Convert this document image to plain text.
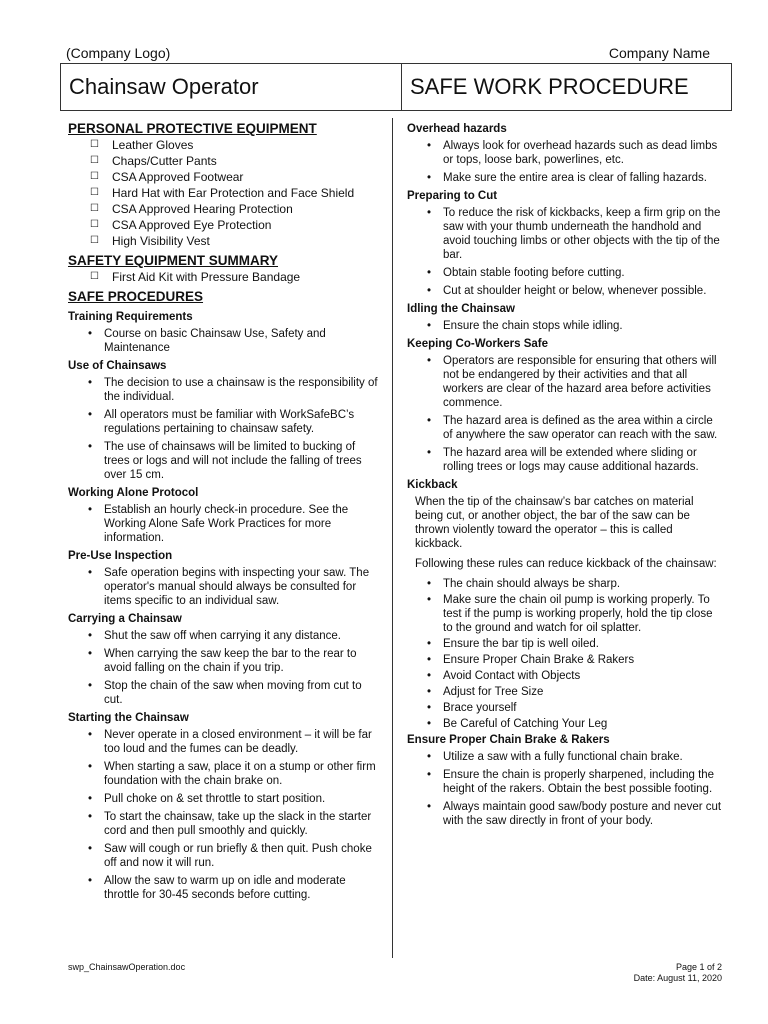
(Company Logo)	Company Name
Chainsaw Operator	SAFE WORK PROCEDURE
PERSONAL PROTECTIVE EQUIPMENT
☐ Leather Gloves
☐ Chaps/Cutter Pants
☐ CSA Approved Footwear
☐ Hard Hat with Ear Protection and Face Shield
☐ CSA Approved Hearing Protection
☐ CSA Approved Eye Protection
☐ High Visibility Vest
SAFETY EQUIPMENT SUMMARY
☐ First Aid Kit with Pressure Bandage
SAFE PROCEDURES
Training Requirements
• Course on basic Chainsaw Use, Safety and Maintenance
Use of Chainsaws
• The decision to use a chainsaw is the responsibility of the individual.
• All operators must be familiar with WorkSafeBC’s regulations pertaining to chainsaw safety.
• The use of chainsaws will be limited to bucking of trees or logs and will not include the falling of trees over 15 cm.
Working Alone Protocol
• Establish an hourly check-in procedure. See the Working Alone Safe Work Practices for more information.
Pre-Use Inspection
• Safe operation begins with inspecting your saw. The operator's manual should always be consulted for items specific to an individual saw.
Carrying a Chainsaw
• Shut the saw off when carrying it any distance.
• When carrying the saw keep the bar to the rear to avoid falling on the chain if you trip.
• Stop the chain of the saw when moving from cut to cut.
Starting the Chainsaw
• Never operate in a closed environment – it will be far too loud and the fumes can be deadly.
• When starting a saw, place it on a stump or other firm foundation with the chain brake on.
• Pull choke on & set throttle to start position.
• To start the chainsaw, take up the slack in the starter cord and then pull smoothly and quickly.
• Saw will cough or run briefly & then quit. Push choke off and now it will run.
• Allow the saw to warm up on idle and moderate throttle for 30-45 seconds before cutting.
Overhead hazards
• Always look for overhead hazards such as dead limbs or tops, loose bark, powerlines, etc.
• Make sure the entire area is clear of falling hazards.
Preparing to Cut
• To reduce the risk of kickbacks, keep a firm grip on the saw with your thumb underneath the handhold and avoid touching limbs or other objects with the tip of the bar.
• Obtain stable footing before cutting.
• Cut at shoulder height or below, whenever possible.
Idling the Chainsaw
• Ensure the chain stops while idling.
Keeping Co-Workers Safe
• Operators are responsible for ensuring that others will not be endangered by their activities and that all workers are clear of the hazard area before activities commence.
• The hazard area is defined as the area within a circle of anywhere the saw operator can reach with the saw.
• The hazard area will be extended where sliding or rolling trees or logs may cause additional hazards.
Kickback

When the tip of the chainsaw’s bar catches on material being cut, or another object, the bar of the saw can be thrown violently toward the operator – this is called kickback.

Following these rules can reduce kickback of the chainsaw:

• The chain should always be sharp.
• Make sure the chain oil pump is working properly. To test if the pump is working properly, hold the tip close to the ground and watch for oil splatter.
• Ensure the bar tip is well oiled.
• Ensure Proper Chain Brake & Rakers
• Avoid Contact with Objects
• Adjust for Tree Size
• Brace yourself
• Be Careful of Catching Your Leg
Ensure Proper Chain Brake & Rakers
• Utilize a saw with a fully functional chain brake.
• Ensure the chain is properly sharpened, including the height of the rakers. Obtain the best possible footing.
• Always maintain good saw/body posture and never cut with the saw directly in front of your body.
swp_ChainsawOperation.doc	Page 1 of 2
Date: August 11, 2020
